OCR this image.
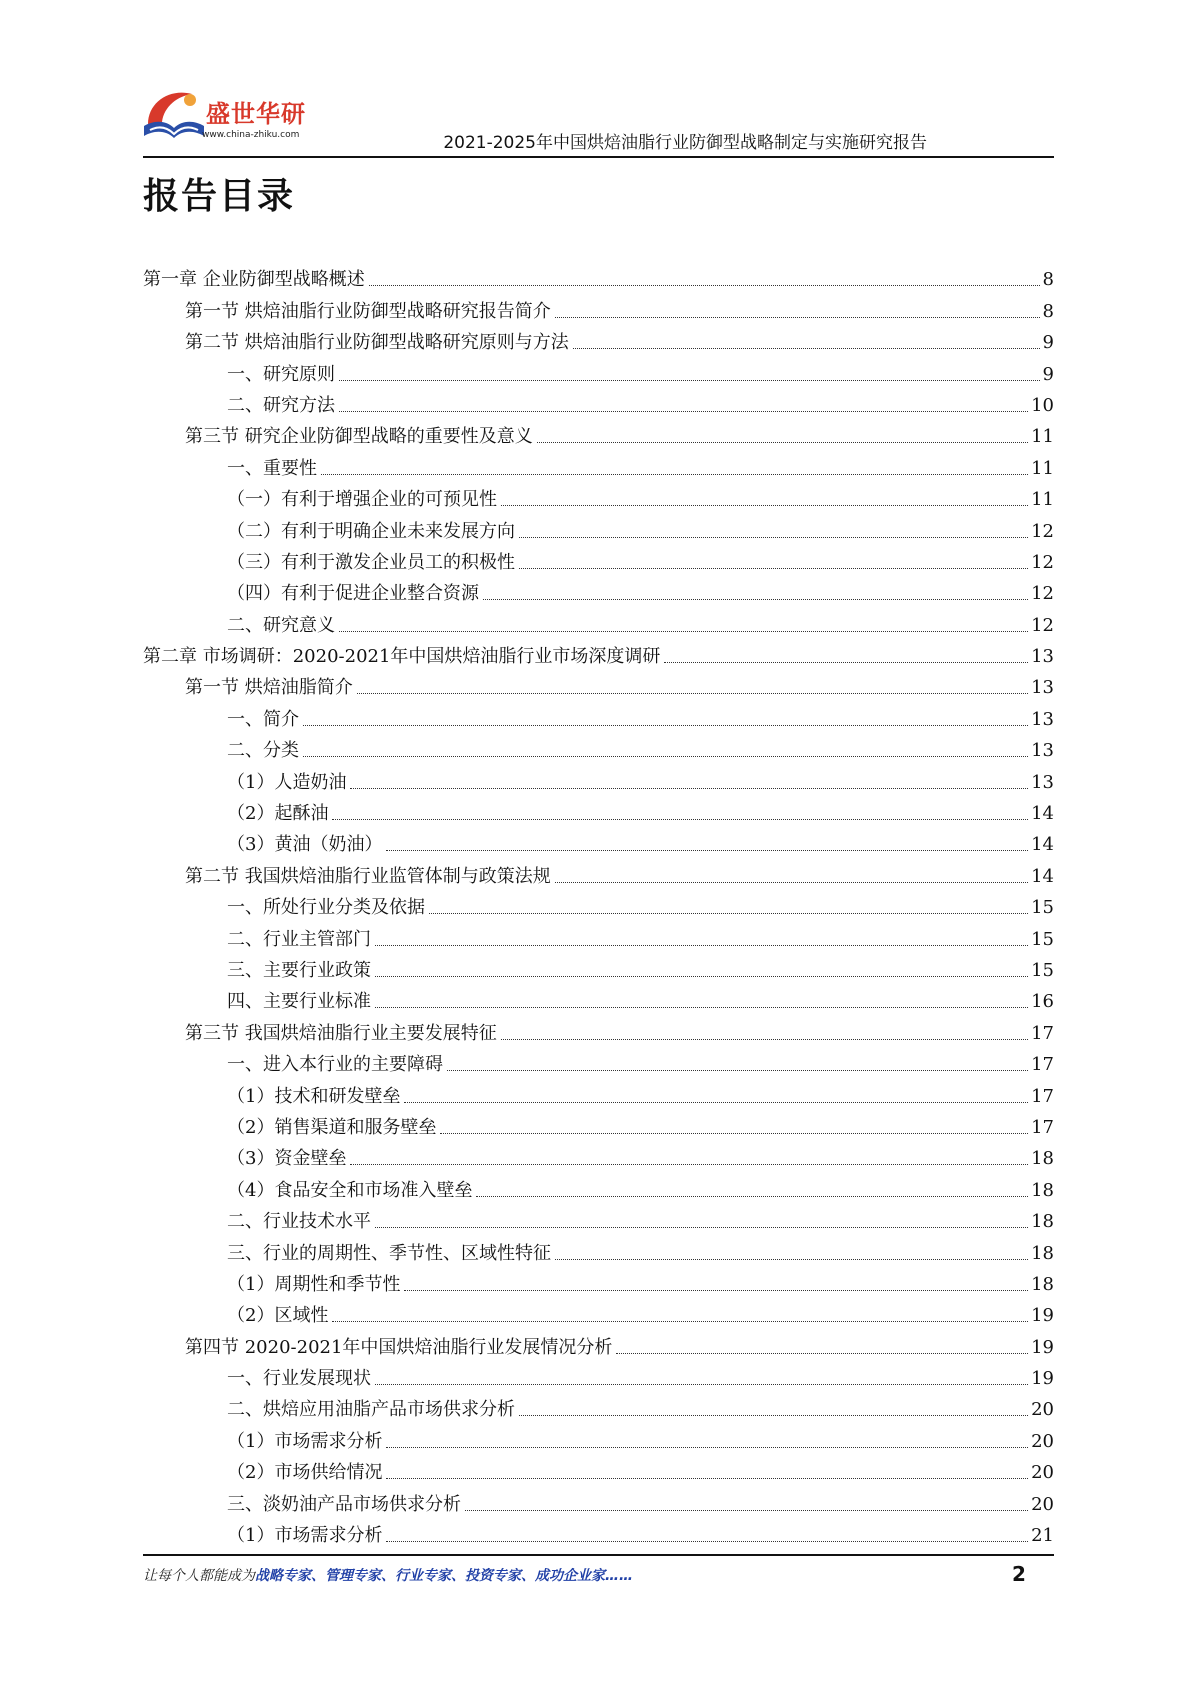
盛世华研
www.china-zhiku.com	2021-2025年中国烘焙油脂行业防御型战略制定与实施研究报告
报告目录
第一章 企业防御型战略概述	8
第一节 烘焙油脂行业防御型战略研究报告简介	8
第二节 烘焙油脂行业防御型战略研究原则与方法	9
一、研究原则	9
二、研究方法	10
第三节 研究企业防御型战略的重要性及意义	11
一、重要性	11
（一）有利于增强企业的可预见性	11
（二）有利于明确企业未来发展方向	12
（三）有利于激发企业员工的积极性	12
（四）有利于促进企业整合资源	12
二、研究意义	12
第二章 市场调研：2020-2021年中国烘焙油脂行业市场深度调研	13
第一节 烘焙油脂简介	13
一、简介	13
二、分类	13
（1）人造奶油	13
（2）起酥油	14
（3）黄油（奶油）	14
第二节 我国烘焙油脂行业监管体制与政策法规	14
一、所处行业分类及依据	15
二、行业主管部门	15
三、主要行业政策	15
四、主要行业标准	16
第三节 我国烘焙油脂行业主要发展特征	17
一、进入本行业的主要障碍	17
（1）技术和研发壁垒	17
（2）销售渠道和服务壁垒	17
（3）资金壁垒	18
（4）食品安全和市场准入壁垒	18
二、行业技术水平	18
三、行业的周期性、季节性、区域性特征	18
（1）周期性和季节性	18
（2）区域性	19
第四节 2020-2021年中国烘焙油脂行业发展情况分析	19
一、行业发展现状	19
二、烘焙应用油脂产品市场供求分析	20
（1）市场需求分析	20
（2）市场供给情况	20
三、淡奶油产品市场供求分析	20
（1）市场需求分析	21
让每个人都能成为战略专家、管理专家、行业专家、投资专家、成功企业家……	2
